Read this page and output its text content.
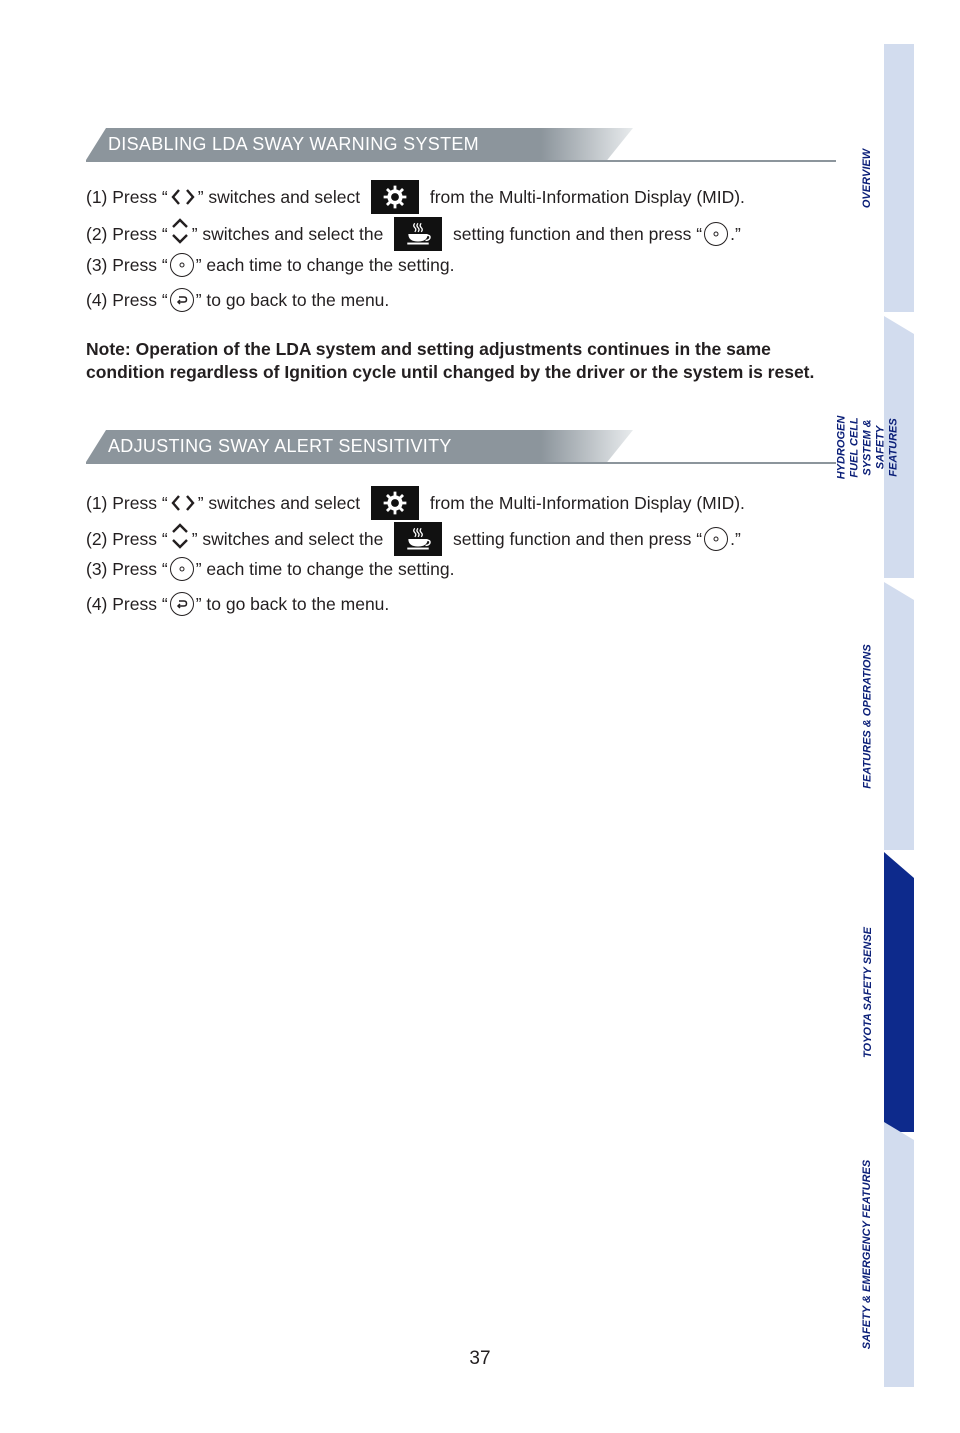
DISABLING LDA SWAY WARNING SYSTEM
(1) Press “ ” switches and select	from the Multi-Information Display (MID).
(2) Press “ ” switches and select the	setting function and then press “ .”
(3) Press “ ” each time to change the setting.
(4) Press “ ” to go back to the menu.
Note: Operation of the LDA system and setting adjustments continues in the same condition regardless of Ignition cycle until changed by the driver or the system is reset.
ADJUSTING SWAY ALERT SENSITIVITY
(1) Press “ ” switches and select	from the Multi-Information Display (MID).
(2) Press “ ” switches and select the	setting function and then press “ .”
(3) Press “ ” each time to change the setting.
(4) Press “ ” to go back to the menu.
37
OVERVIEW
HYDROGEN FUEL CELL SYSTEM & SAFETY FEATURES
FEATURES & OPERATIONS
TOYOTA SAFETY SENSE
SAFETY & EMERGENCY FEATURES
